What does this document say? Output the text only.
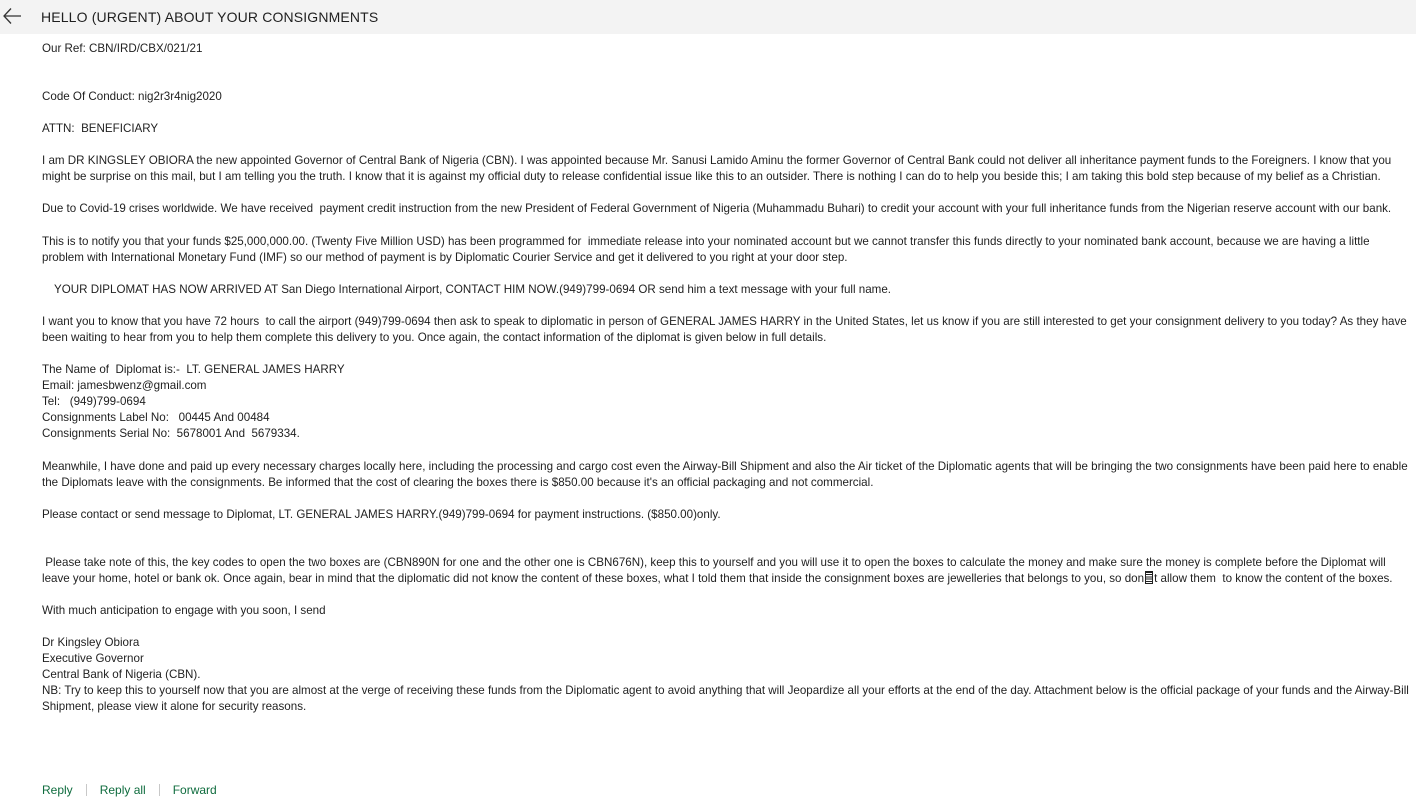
HELLO (URGENT) ABOUT YOUR CONSIGNMENTS

Our Ref: CBN/IRD/CBX/021/21

Code Of Conduct: nig2r3r4nig2020

ATTN:  BENEFICIARY

I am DR KINGSLEY OBIORA the new appointed Governor of Central Bank of Nigeria (CBN). I was appointed because Mr. Sanusi Lamido Aminu the former Governor of Central Bank could not deliver all inheritance payment funds to the Foreigners. I know that you might be surprise on this mail, but I am telling you the truth. I know that it is against my official duty to release confidential issue like this to an outsider. There is nothing I can do to help you beside this; I am taking this bold step because of my belief as a Christian.

Due to Covid-19 crises worldwide. We have received  payment credit instruction from the new President of Federal Government of Nigeria (Muhammadu Buhari) to credit your account with your full inheritance funds from the Nigerian reserve account with our bank.

This is to notify you that your funds $25,000,000.00. (Twenty Five Million USD) has been programmed for  immediate release into your nominated account but we cannot transfer this funds directly to your nominated bank account, because we are having a little problem with International Monetary Fund (IMF) so our method of payment is by Diplomatic Courier Service and get it delivered to you right at your door step.

YOUR DIPLOMAT HAS NOW ARRIVED AT San Diego International Airport, CONTACT HIM NOW.(949)799-0694 OR send him a text message with your full name.

I want you to know that you have 72 hours  to call the airport (949)799-0694 then ask to speak to diplomatic in person of GENERAL JAMES HARRY in the United States, let us know if you are still interested to get your consignment delivery to you today? As they have been waiting to hear from you to help them complete this delivery to you. Once again, the contact information of the diplomat is given below in full details.

The Name of  Diplomat is:-  LT. GENERAL JAMES HARRY

Email: jamesbwenz@gmail.com

Tel:   (949)799-0694

Consignments Label No:   00445 And 00484

Consignments Serial No:  5678001 And  5679334.

Meanwhile, I have done and paid up every necessary charges locally here, including the processing and cargo cost even the Airway-Bill Shipment and also the Air ticket of the Diplomatic agents that will be bringing the two consignments have been paid here to enable the Diplomats leave with the consignments. Be informed that the cost of clearing the boxes there is $850.00 because it's an official packaging and not commercial.

Please contact or send message to Diplomat, LT. GENERAL JAMES HARRY.(949)799-0694 for payment instructions. ($850.00)only.

Please take note of this, the key codes to open the two boxes are (CBN890N for one and the other one is CBN676N), keep this to yourself and you will use it to open the boxes to calculate the money and make sure the money is complete before the Diplomat will leave your home, hotel or bank ok. Once again, bear in mind that the diplomatic did not know the content of these boxes, what I told them that inside the consignment boxes are jewelleries that belongs to you, so don t allow them  to know the content of the boxes.

With much anticipation to engage with you soon, I send

Dr Kingsley Obiora

Executive Governor

Central Bank of Nigeria (CBN).

NB: Try to keep this to yourself now that you are almost at the verge of receiving these funds from the Diplomatic agent to avoid anything that will Jeopardize all your efforts at the end of the day. Attachment below is the official package of your funds and the Airway-Bill Shipment, please view it alone for security reasons.

Reply Reply all Forward
